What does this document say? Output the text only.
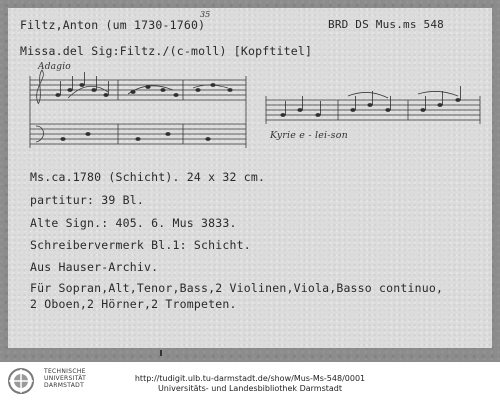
Filtz,Anton (um 1730-1760)
35
BRD DS Mus.ms 548
Missa.del Sig:Filtz./(c-moll) [Kopftitel]
Adagio
Kyrie e - lei-son
Ms.ca.1780 (Schicht). 24 x 32 cm.
partitur: 39 Bl.
Alte Sign.: 405. 6. Mus 3833.
Schreibervermerk Bl.1: Schicht.
Aus Hauser-Archiv.
Für Sopran,Alt,Tenor,Bass,2 Violinen,Viola,Basso continuo,
2 Oboen,2 Hörner,2 Trompeten.
TECHNISCHE
UNIVERSITÄT
DARMSTADT
http://tudigit.ulb.tu-darmstadt.de/show/Mus-Ms-548/0001
Universitäts- und Landesbibliothek Darmstadt
